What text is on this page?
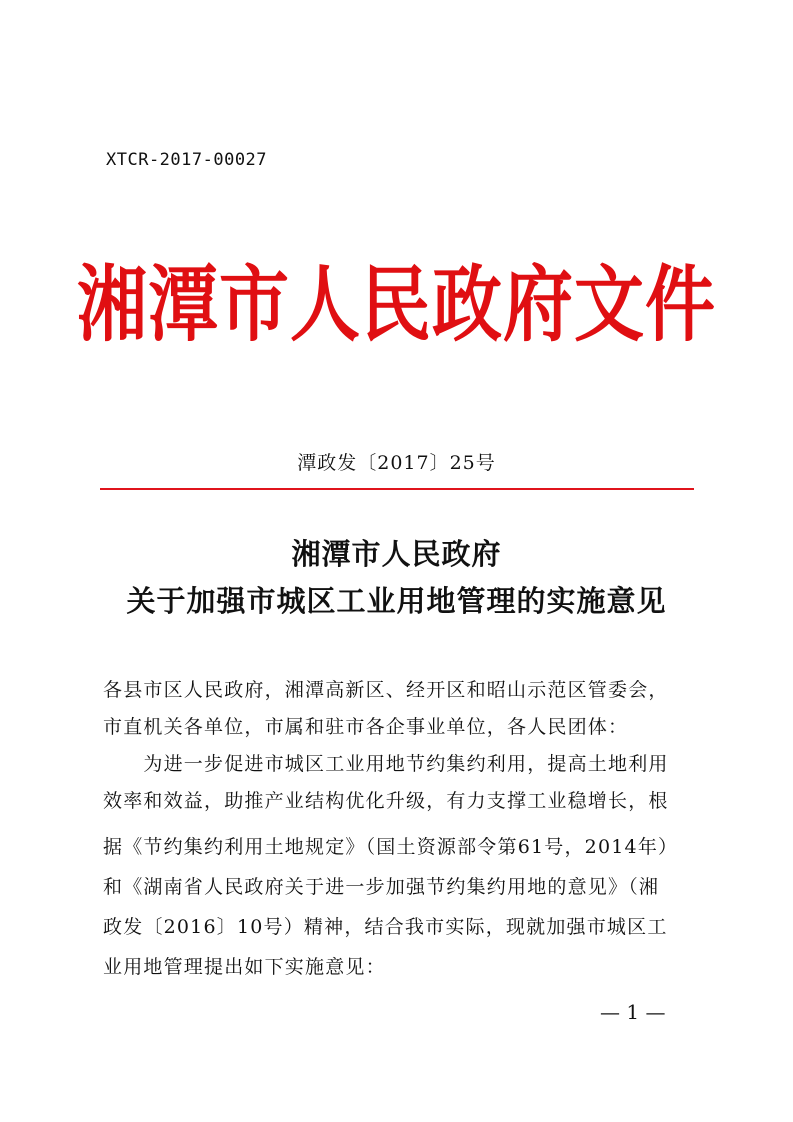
XTCR-2017-00027
湘潭市人民政府文件
潭政发〔2017〕25号
湘潭市人民政府
关于加强市城区工业用地管理的实施意见
各县市区人民政府，湘潭高新区、经开区和昭山示范区管委会，
市直机关各单位，市属和驻市各企事业单位，各人民团体：
　　为进一步促进市城区工业用地节约集约利用，提高土地利用
效率和效益，助推产业结构优化升级，有力支撑工业稳增长，根
据《节约集约利用土地规定》（国土资源部令第61号，2014年）
和《湖南省人民政府关于进一步加强节约集约用地的意见》（湘
政发〔2016〕10号）精神，结合我市实际，现就加强市城区工
业用地管理提出如下实施意见：
— 1 —
